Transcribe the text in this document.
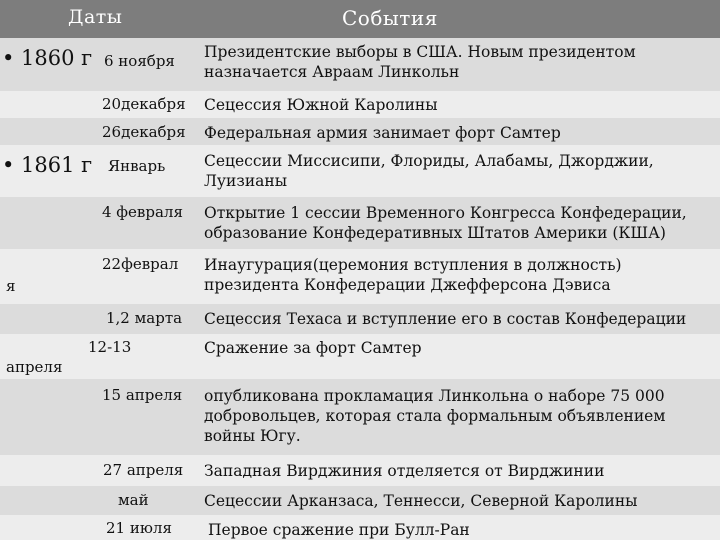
Даты	События
• 1860 г 6 ноября Президентские выборы в США. Новым президентом назначается Авраам Линкольн
20декабря Сецессия Южной Каролины
26декабря Федеральная армия занимает форт Самтер
• 1861 г Январь Сецессии Миссисипи, Флориды, Алабамы, Джорджии, Луизианы
4 февраля Открытие 1 сессии Временного Конгресса Конфедерации, образование Конфедеративных Штатов Америки (КША)
22феврал
я
Инаугурация(церемония вступления в должность) президента Конфедерации Джефферсона Дэвиса
1,2 марта Сецессия Техаса и вступление его в состав Конфедерации
12-13
апреля
Сражение за форт Самтер
15 апреля опубликована прокламация Линкольна о наборе 75 000 добровольцев, которая стала формальным объявлением войны Югу.
27 апреля Западная Вирджиния отделяется от Вирджинии
май	Сецессии Арканзаса, Теннесси, Северной Каролины
21 июля Первое сражение при Булл-Ран
